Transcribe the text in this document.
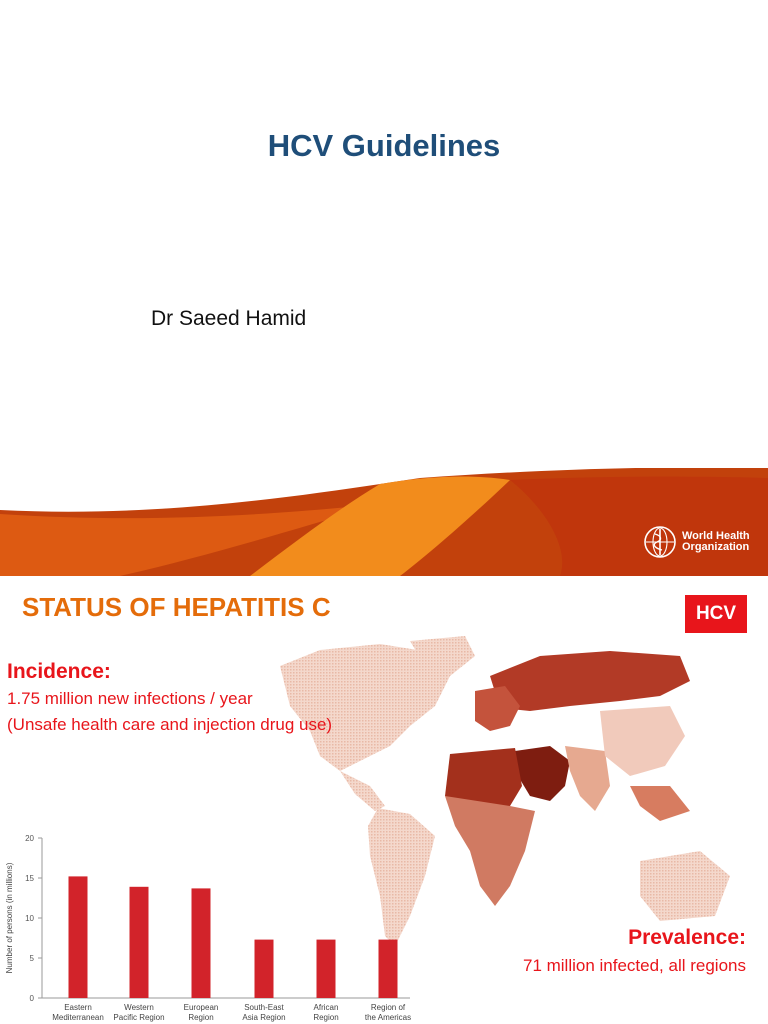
HCV Guidelines
Dr Saeed Hamid
World Health
Organization
STATUS OF HEPATITIS C	HCV
Incidence:
1.75 million new infections / year
(Unsafe health care and injection drug use)
Prevalence:
71 million infected, all regions
0
5
10
15
20
Number of persons (in millions)
Eastern
Mediterranean
Western
Pacific Region
European
Region
South-East
Asia Region
African
Region
Region of
the Americas
